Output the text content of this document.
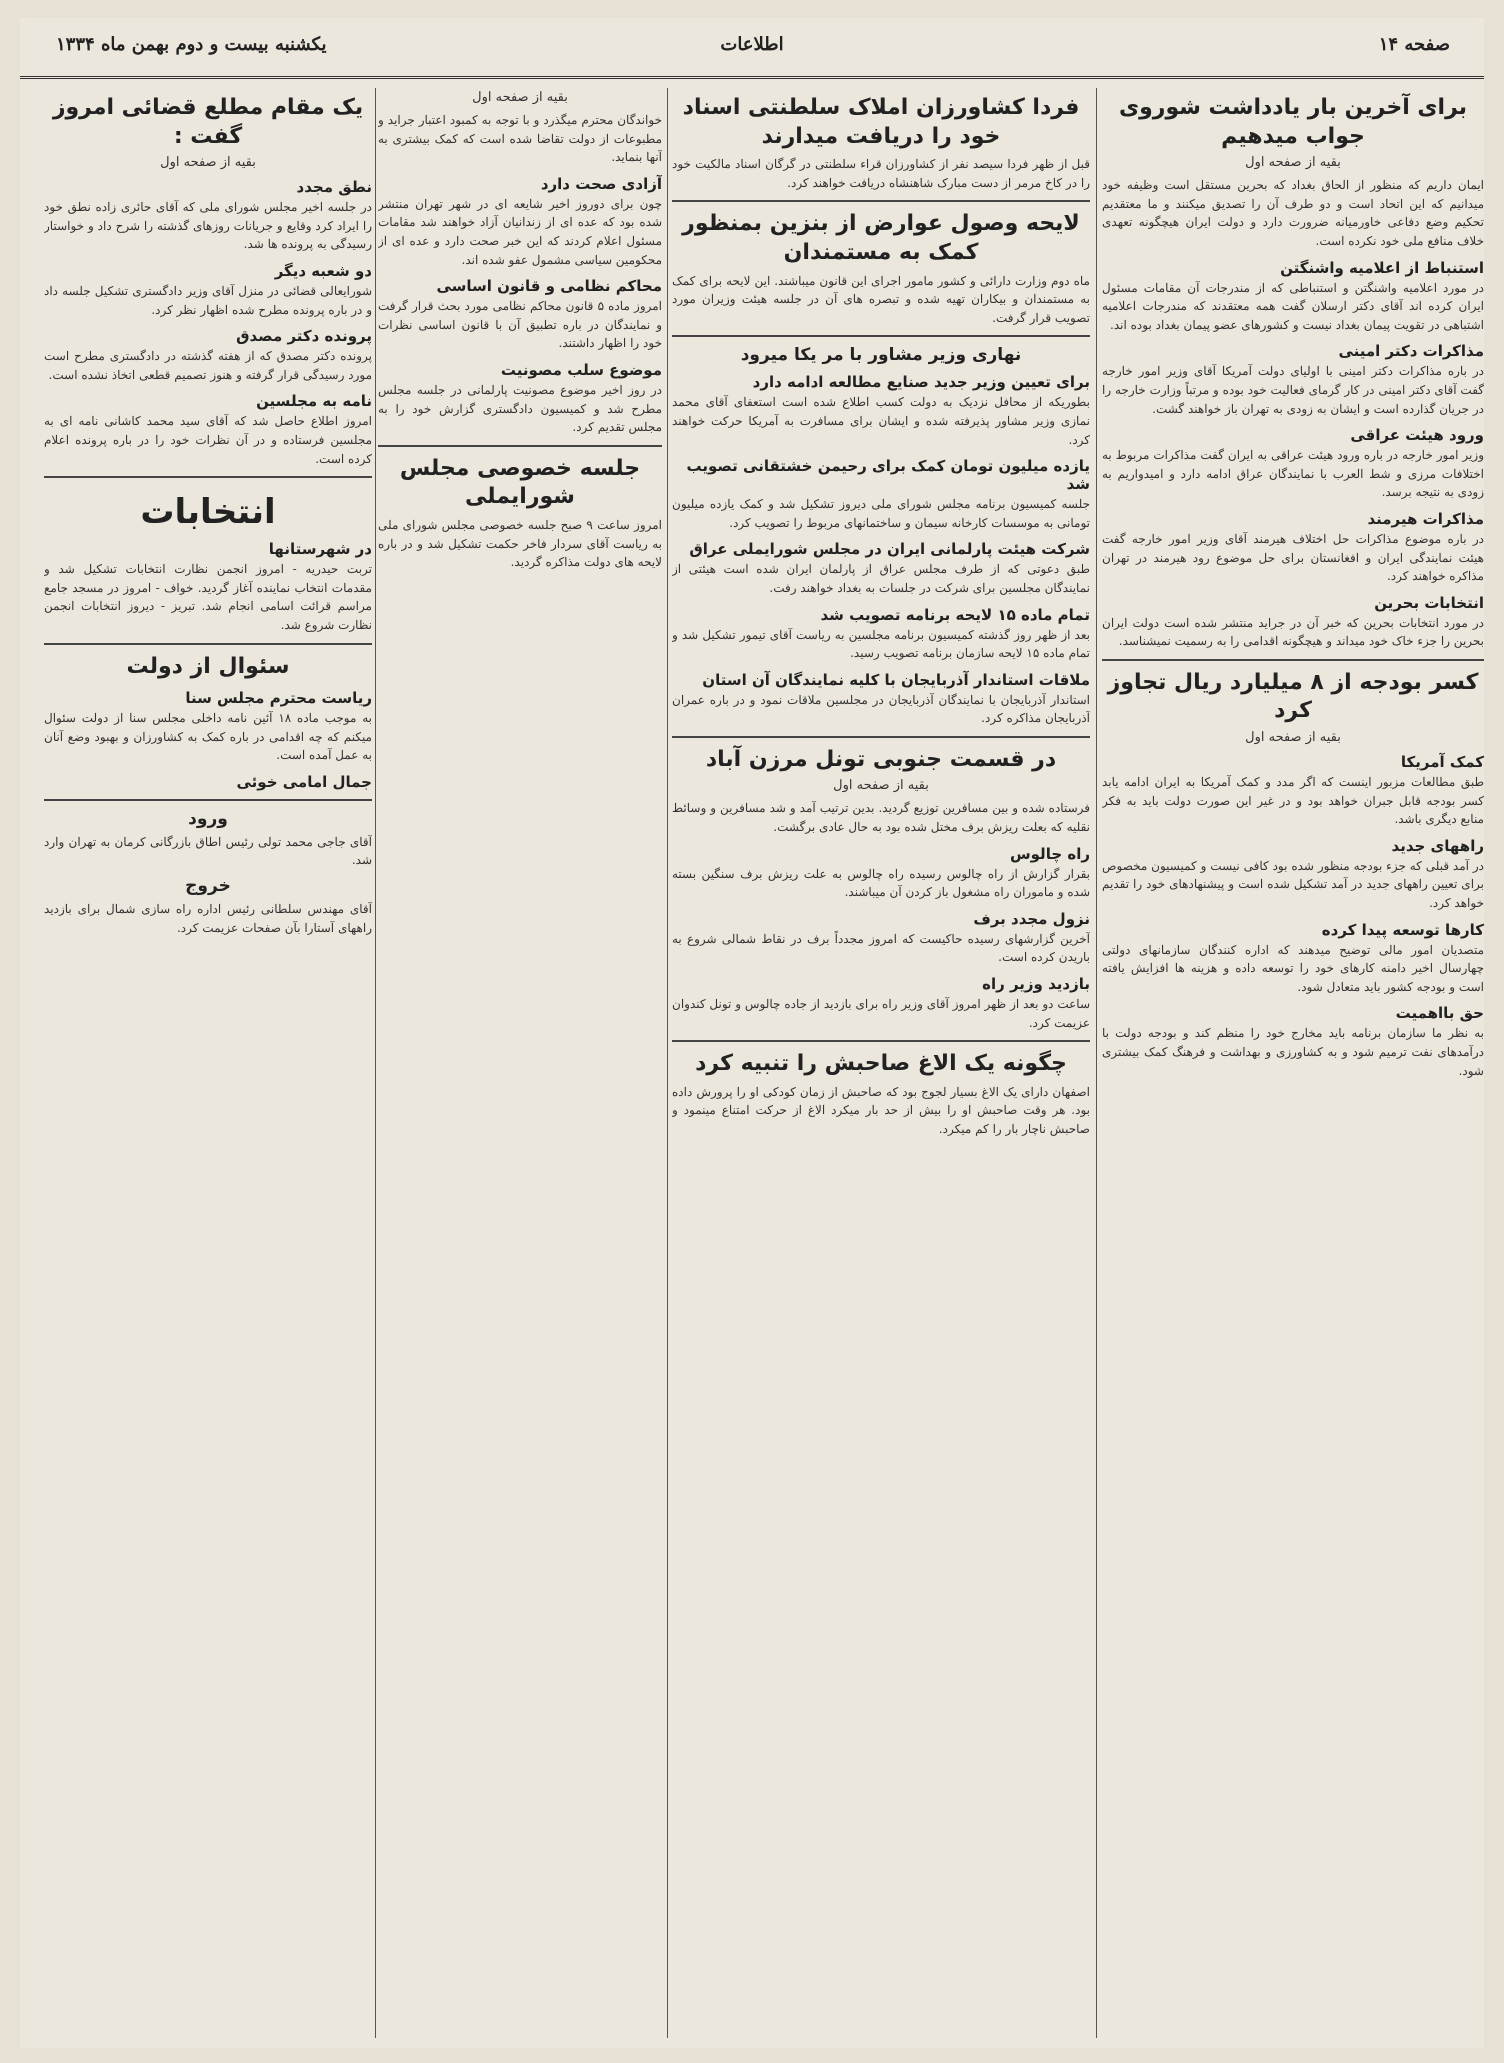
یکشنبه بیست و دوم بهمن ماه ۱۳۳۴	اطلاعات	صفحه ۱۴
برای آخرین بار یادداشت شوروی جواب میدهیم
بقیه از صفحه اول
ایمان داریم که منظور از الحاق بغداد که بحرین مستقل است وظیفه خود میدانیم که این اتحاد است و دو طرف آن را تصدیق میکنند و ما معتقدیم تحکیم وضع دفاعی خاورمیانه ضرورت دارد و دولت ایران هیچگونه تعهدی خلاف منافع ملی خود نکرده است.
استنباط از اعلامیه واشنگتن
در مورد اعلامیه واشنگتن و استنباطی که از مندرجات آن مقامات مسئول ایران کرده اند آقای دکتر ارسلان گفت همه معتقدند که مندرجات اعلامیه اشتباهی در تقویت پیمان بغداد نیست و کشورهای عضو پیمان بغداد بوده اند.
مذاکرات دکتر امینی
در باره مذاکرات دکتر امینی با اولیای دولت آمریکا آقای وزیر امور خارجه گفت آقای دکتر امینی در کار گرمای فعالیت خود بوده و مرتباً وزارت خارجه را در جریان گذارده است و ایشان به زودی به تهران باز خواهند گشت.
ورود هیئت عراقی
وزیر امور خارجه در باره ورود هیئت عراقی به ایران گفت مذاکرات مربوط به اختلافات مرزی و شط العرب با نمایندگان عراق ادامه دارد و امیدواریم به زودی به نتیجه برسد.
مذاکرات هیرمند
در باره موضوع مذاکرات حل اختلاف هیرمند آقای وزیر امور خارجه گفت هیئت نمایندگی ایران و افغانستان برای حل موضوع رود هیرمند در تهران مذاکره خواهند کرد.
انتخابات بحرین
در مورد انتخابات بحرین که خبر آن در جراید منتشر شده است دولت ایران بحرین را جزء خاک خود میداند و هیچگونه اقدامی را به رسمیت نمیشناسد.
کسر بودجه از ۸ میلیارد ریال تجاوز کرد
بقیه از صفحه اول
کمک آمریکا
طبق مطالعات مزبور اینست که اگر مدد و کمک آمریکا به ایران ادامه یابد کسر بودجه قابل جبران خواهد بود و در غیر این صورت دولت باید به فکر منابع دیگری باشد.
راههای جدید
در آمد قبلی که جزء بودجه منظور شده بود کافی نیست و کمیسیون مخصوص برای تعیین راههای جدید در آمد تشکیل شده است و پیشنهادهای خود را تقدیم خواهد کرد.
کارها توسعه پیدا کرده
متصدیان امور مالی توضیح میدهند که اداره کنندگان سازمانهای دولتی چهارسال اخیر دامنه کارهای خود را توسعه داده و هزینه ها افزایش یافته است و بودجه کشور باید متعادل شود.
حق بااهمیت
به نظر ما سازمان برنامه باید مخارج خود را منظم کند و بودجه دولت با درآمدهای نفت ترمیم شود و به کشاورزی و بهداشت و فرهنگ کمک بیشتری شود.
فردا کشاورزان املاک سلطنتی اسناد خود را دریافت میدارند
قبل از ظهر فردا سیصد نفر از کشاورزان قراء سلطنتی در گرگان اسناد مالکیت خود را در کاخ مرمر از دست مبارک شاهنشاه دریافت خواهند کرد.
لایحه وصول عوارض از بنزین بمنظور کمک به مستمندان
ماه دوم وزارت دارائی و کشور مامور اجرای این قانون میباشند. این لایحه برای کمک به مستمندان و بیکاران تهیه شده و تبصره های آن در جلسه هیئت وزیران مورد تصویب قرار گرفت.
نهاری وزیر مشاور با مر یکا میرود
برای تعیین وزیر جدید صنایع مطالعه ادامه دارد
بطوریکه از محافل نزدیک به دولت کسب اطلاع شده است استعفای آقای محمد نمازی وزیر مشاور پذیرفته شده و ایشان برای مسافرت به آمریکا حرکت خواهند کرد.
یازده میلیون تومان کمک برای رحیمن خشتقانی تصویب شد
جلسه کمیسیون برنامه مجلس شورای ملی دیروز تشکیل شد و کمک یازده میلیون تومانی به موسسات کارخانه سیمان و ساختمانهای مربوط را تصویب کرد.
شرکت هیئت پارلمانی ایران در مجلس شورایملی عراق
طبق دعوتی که از طرف مجلس عراق از پارلمان ایران شده است هیئتی از نمایندگان مجلسین برای شرکت در جلسات به بغداد خواهند رفت.
تمام ماده ۱۵ لایحه برنامه تصویب شد
بعد از ظهر روز گذشته کمیسیون برنامه مجلسین به ریاست آقای تیمور تشکیل شد و تمام ماده ۱۵ لایحه سازمان برنامه تصویب رسید.
ملاقات استاندار آذربایجان با کلیه نمایندگان آن استان
استاندار آذربایجان با نمایندگان آذربایجان در مجلسین ملاقات نمود و در باره عمران آذربایجان مذاکره کرد.
در قسمت جنوبی تونل مرزن آباد
بقیه از صفحه اول
فرستاده شده و بین مسافرین توزیع گردید. بدین ترتیب آمد و شد مسافرین و وسائط نقلیه که بعلت ریزش برف مختل شده بود به حال عادی برگشت.
راه چالوس
بقرار گزارش از راه چالوس رسیده راه چالوس به علت ریزش برف سنگین بسته شده و ماموران راه مشغول باز کردن آن میباشند.
نزول مجدد برف
آخرین گزارشهای رسیده حاکیست که امروز مجدداً برف در نقاط شمالی شروع به باریدن کرده است.
بازدید وزیر راه
ساعت دو بعد از ظهر امروز آقای وزیر راه برای بازدید از جاده چالوس و تونل کندوان عزیمت کرد.
چگونه یک الاغ صاحبش را تنبیه کرد
اصفهان دارای یک الاغ بسیار لجوج بود که صاحبش از زمان کودکی او را پرورش داده بود. هر وقت صاحبش او را بیش از حد بار میکرد الاغ از حرکت امتناع مینمود و صاحبش ناچار بار را کم میکرد.
بقیه از صفحه اول
خواندگان محترم میگذرد و با توجه به کمبود اعتبار جراید و مطبوعات از دولت تقاضا شده است که کمک بیشتری به آنها بنماید.
آزادی صحت دارد
چون برای دوروز اخیر شایعه ای در شهر تهران منتشر شده بود که عده ای از زندانیان آزاد خواهند شد مقامات مسئول اعلام کردند که این خبر صحت دارد و عده ای از محکومین سیاسی مشمول عفو شده اند.
محاکم نظامی و قانون اساسی
امروز ماده ۵ قانون محاکم نظامی مورد بحث قرار گرفت و نمایندگان در باره تطبیق آن با قانون اساسی نظرات خود را اظهار داشتند.
موضوع سلب مصونیت
در روز اخیر موضوع مصونیت پارلمانی در جلسه مجلس مطرح شد و کمیسیون دادگستری گزارش خود را به مجلس تقدیم کرد.
جلسه خصوصی مجلس شورایملی
امروز ساعت ۹ صبح جلسه خصوصی مجلس شورای ملی به ریاست آقای سردار فاخر حکمت تشکیل شد و در باره لایحه های دولت مذاکره گردید.
یک مقام مطلع قضائی امروز گفت :
بقیه از صفحه اول
نطق مجدد
در جلسه اخیر مجلس شورای ملی که آقای حائری زاده نطق خود را ایراد کرد وقایع و جریانات روزهای گذشته را شرح داد و خواستار رسیدگی به پرونده ها شد.
دو شعبه دیگر
شورایعالی قضائی در منزل آقای وزیر دادگستری تشکیل جلسه داد و در باره پرونده مطرح شده اظهار نظر کرد.
پرونده دکتر مصدق
پرونده دکتر مصدق که از هفته گذشته در دادگستری مطرح است مورد رسیدگی قرار گرفته و هنوز تصمیم قطعی اتخاذ نشده است.
نامه به مجلسین
امروز اطلاع حاصل شد که آقای سید محمد کاشانی نامه ای به مجلسین فرستاده و در آن نظرات خود را در باره پرونده اعلام کرده است.
انتخابات
در شهرستانها
تربت حیدریه - امروز انجمن نظارت انتخابات تشکیل شد و مقدمات انتخاب نماینده آغاز گردید. خواف - امروز در مسجد جامع مراسم قرائت اسامی انجام شد. تبریز - دیروز انتخابات انجمن نظارت شروع شد.
سئوال از دولت
ریاست محترم مجلس سنا
به موجب ماده ۱۸ آئین نامه داخلی مجلس سنا از دولت سئوال میکنم که چه اقدامی در باره کمک به کشاورزان و بهبود وضع آنان به عمل آمده است.
جمال امامی خوئی
ورود
آقای جاجی محمد تولی رئیس اطاق بازرگانی کرمان به تهران وارد شد.
خروج
آقای مهندس سلطانی رئیس اداره راه سازی شمال برای بازدید راههای آستارا بآن صفحات عزیمت کرد.
